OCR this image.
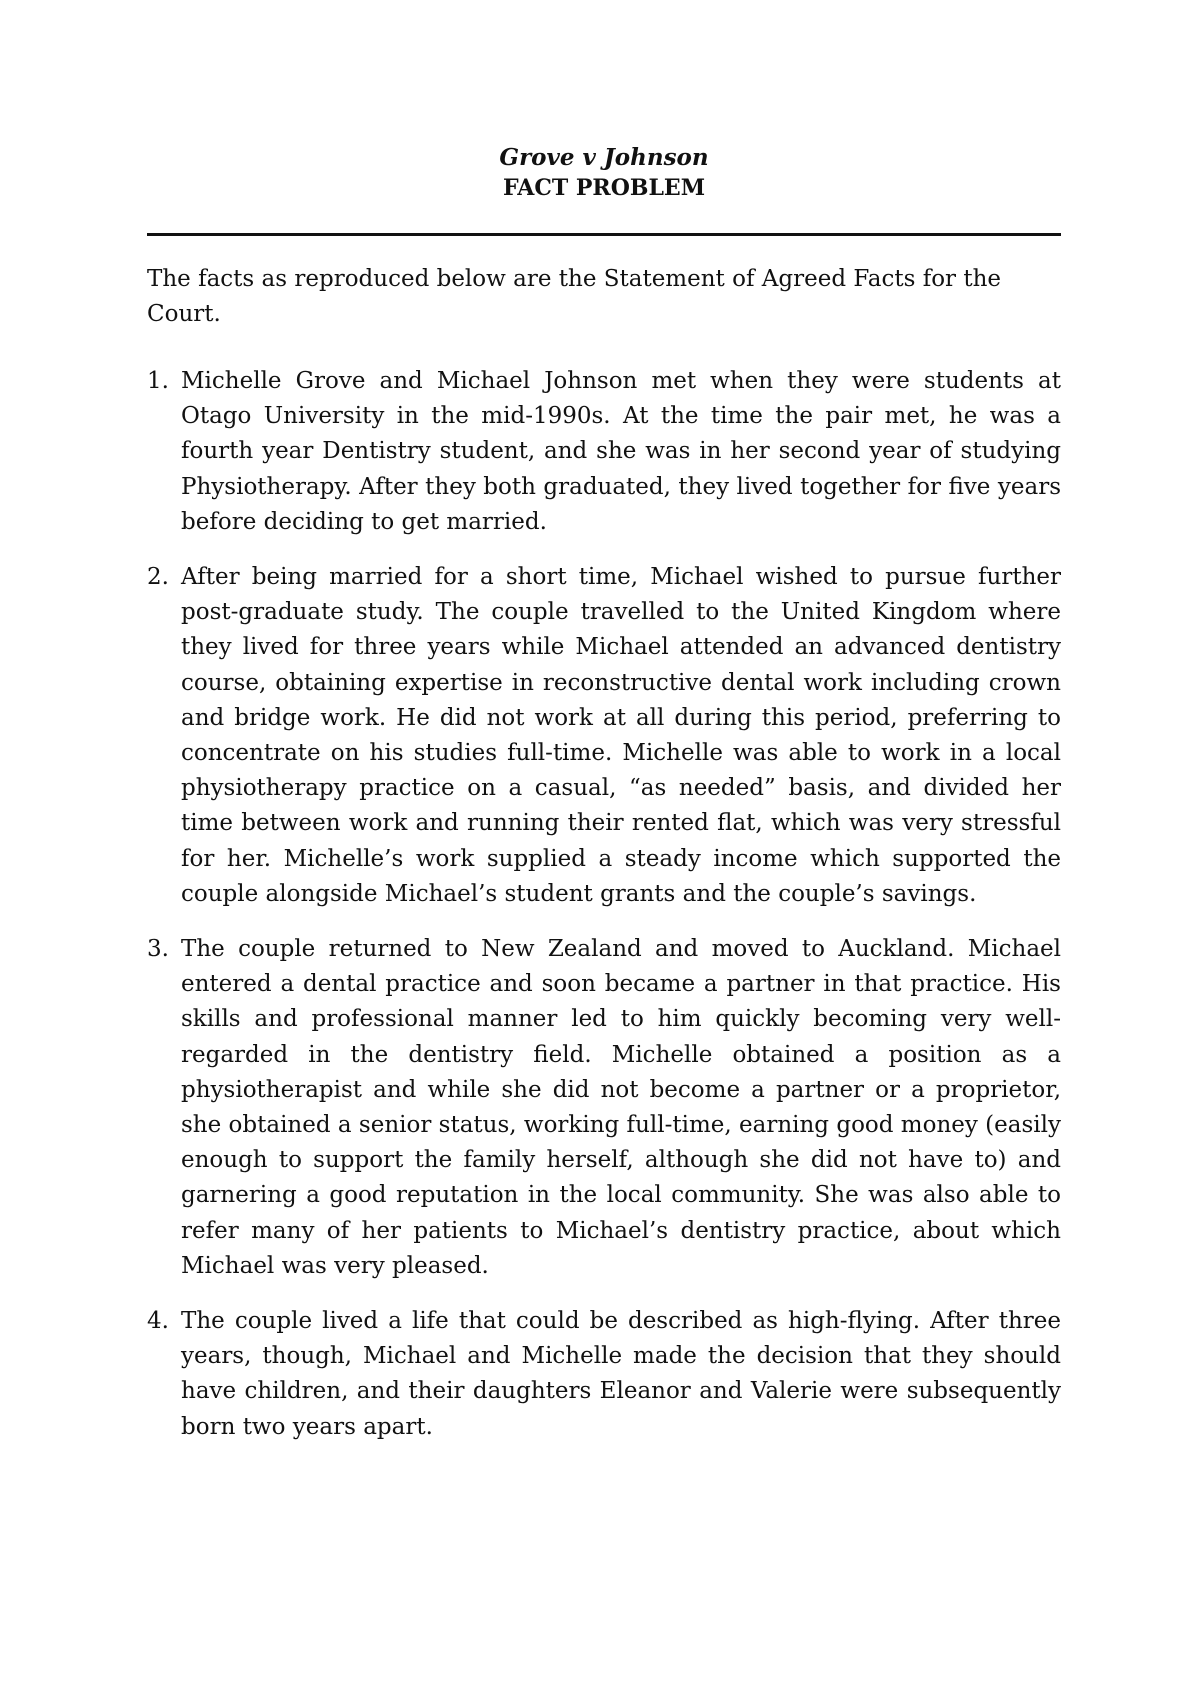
Grove v Johnson

FACT PROBLEM

The facts as reproduced below are the Statement of Agreed Facts for the Court.

1. Michelle Grove and Michael Johnson met when they were students at Otago University in the mid-1990s. At the time the pair met, he was a fourth year Dentistry student, and she was in her second year of studying Physiotherapy. After they both graduated, they lived together for five years before deciding to get married.
2. After being married for a short time, Michael wished to pursue further post-graduate study. The couple travelled to the United Kingdom where they lived for three years while Michael attended an advanced dentistry course, obtaining expertise in reconstructive dental work including crown and bridge work. He did not work at all during this period, preferring to concentrate on his studies full-time. Michelle was able to work in a local physiotherapy practice on a casual, “as needed” basis, and divided her time between work and running their rented flat, which was very stressful for her. Michelle’s work supplied a steady income which supported the couple alongside Michael’s student grants and the couple’s savings.
3. The couple returned to New Zealand and moved to Auckland. Michael entered a dental practice and soon became a partner in that practice. His skills and professional manner led to him quickly becoming very well-regarded in the dentistry field. Michelle obtained a position as a physiotherapist and while she did not become a partner or a proprietor, she obtained a senior status, working full-time, earning good money (easily enough to support the family herself, although she did not have to) and garnering a good reputation in the local community. She was also able to refer many of her patients to Michael’s dentistry practice, about which Michael was very pleased.
4. The couple lived a life that could be described as high-flying. After three years, though, Michael and Michelle made the decision that they should have children, and their daughters Eleanor and Valerie were subsequently born two years apart.
